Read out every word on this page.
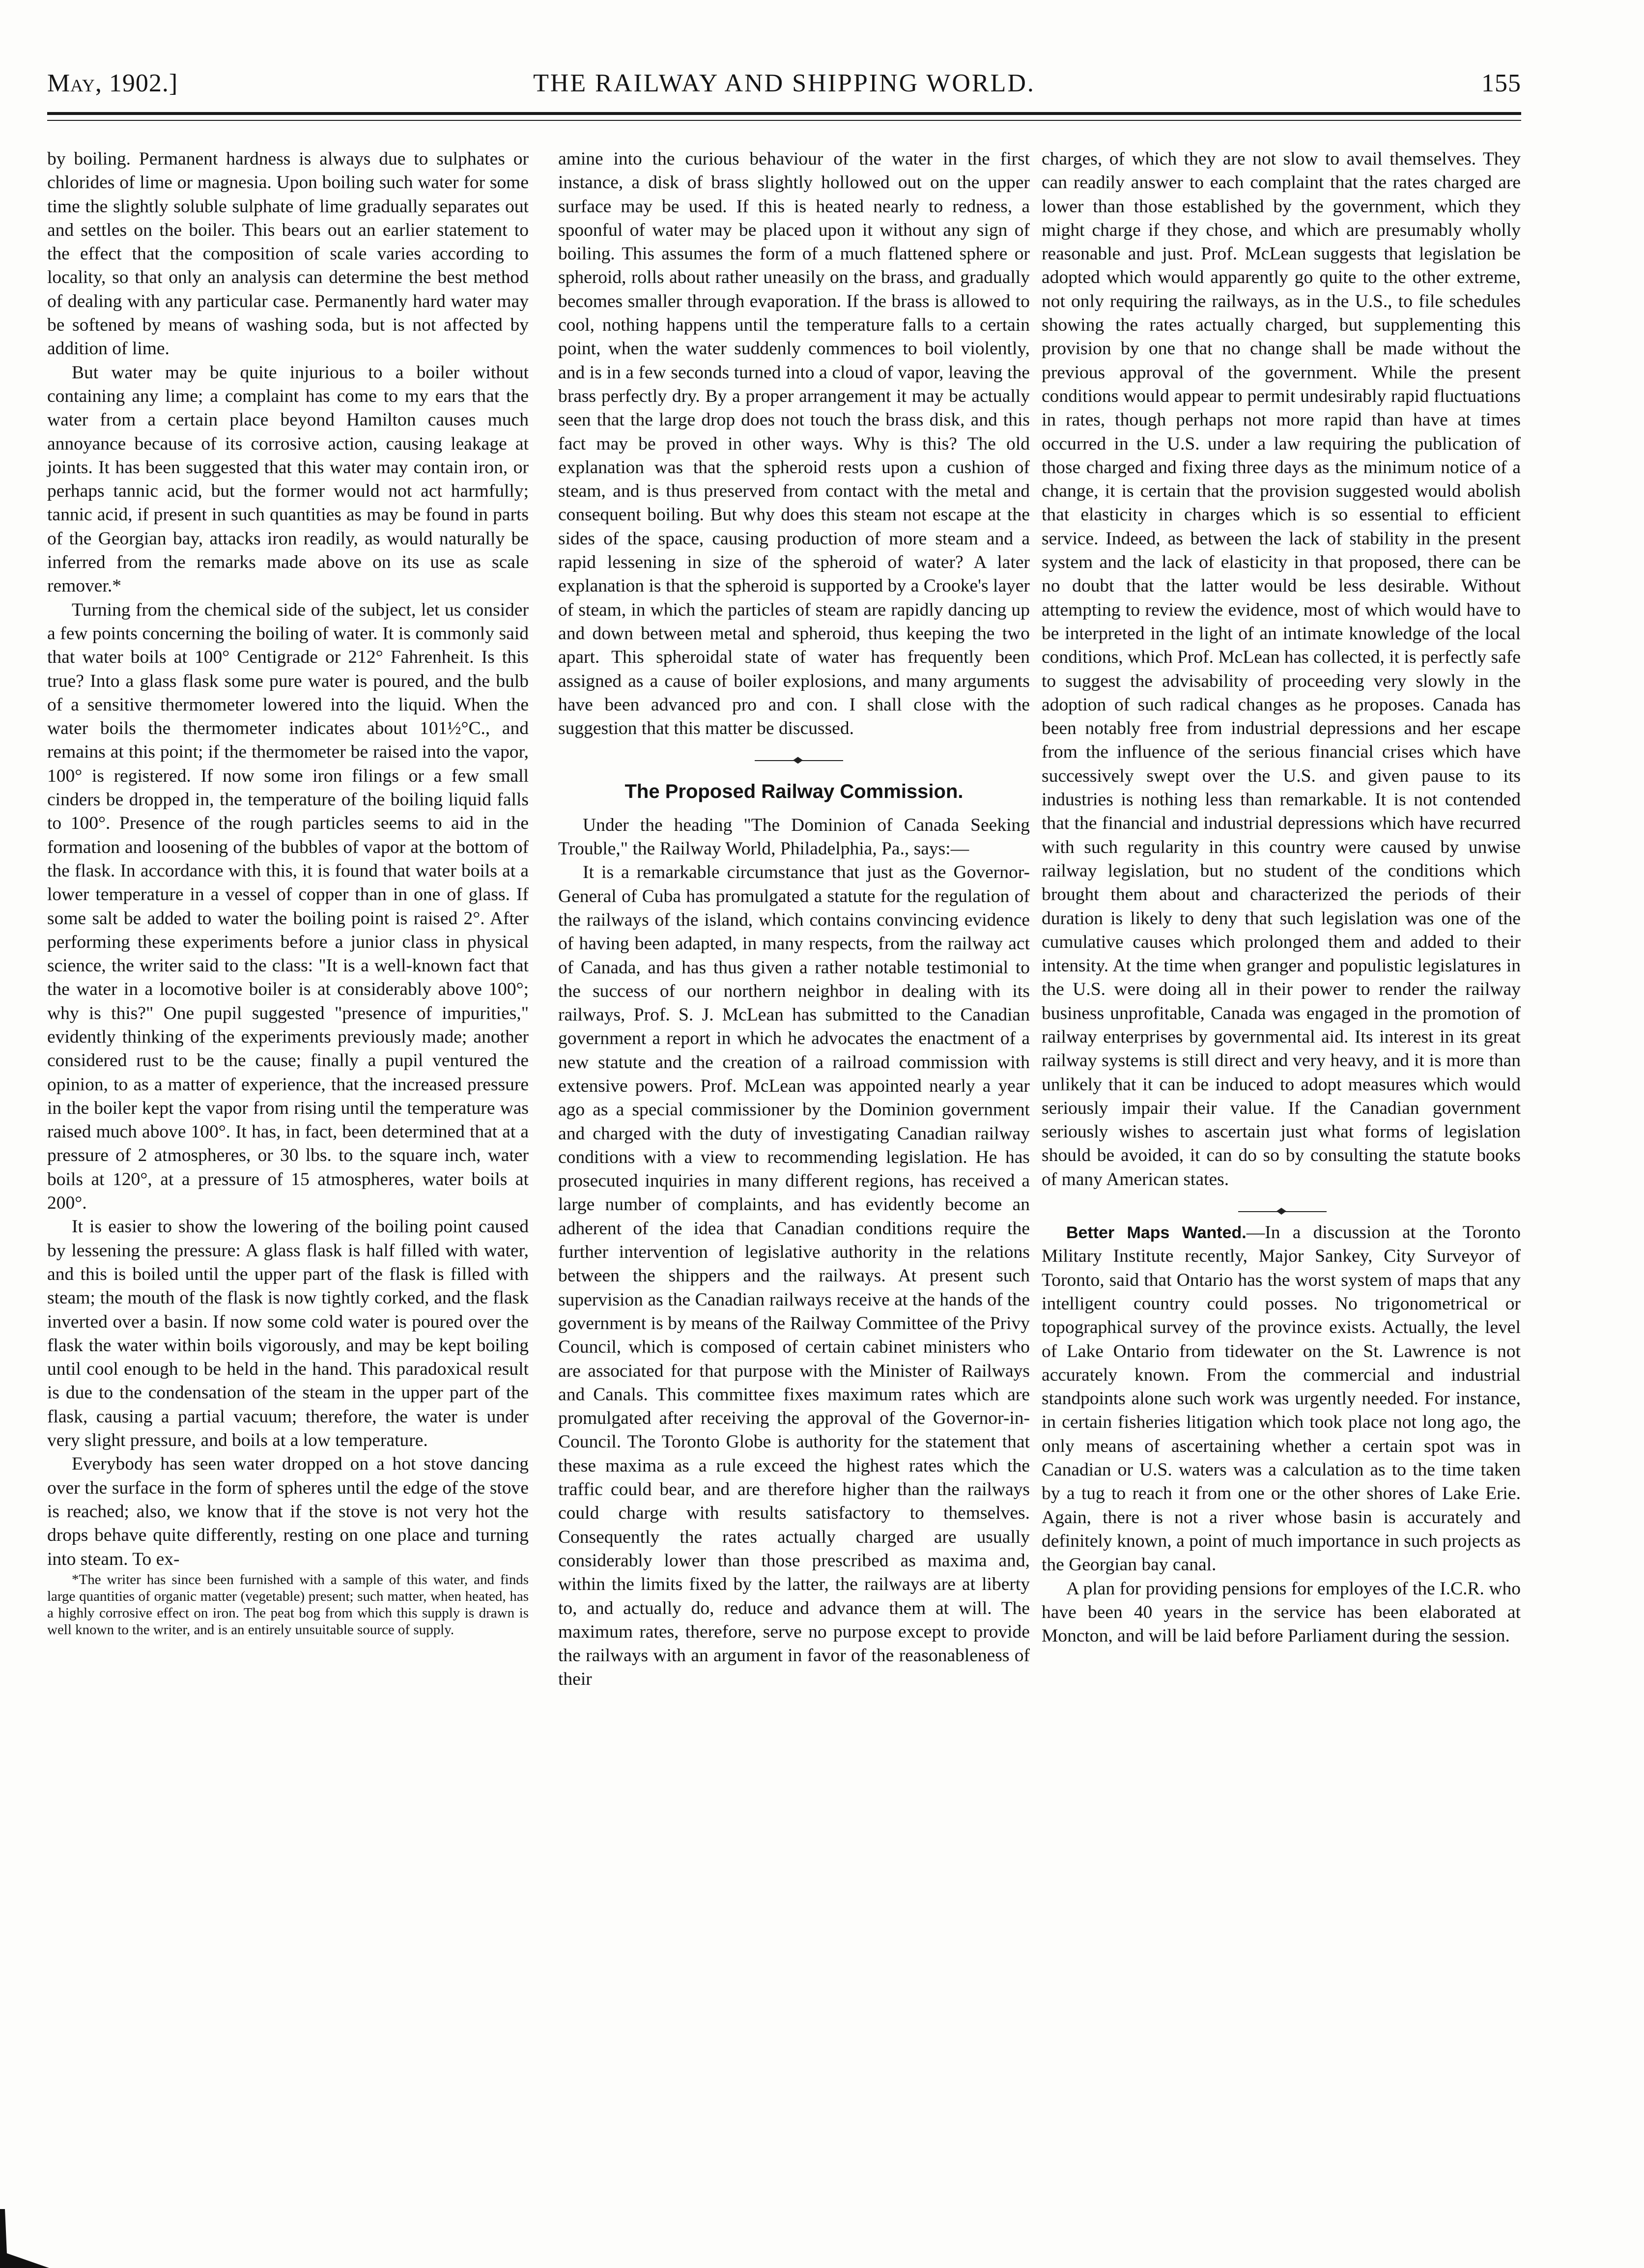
May, 1902.]	THE RAILWAY AND SHIPPING WORLD.	155

by boiling. Permanent hardness is always due to sulphates or chlorides of lime or magnesia. Upon boiling such water for some time the slightly soluble sulphate of lime gradually separates out and settles on the boiler. This bears out an earlier statement to the effect that the composition of scale varies according to locality, so that only an analysis can determine the best method of dealing with any particular case. Permanently hard water may be softened by means of washing soda, but is not affected by addition of lime.

But water may be quite injurious to a boiler without containing any lime; a complaint has come to my ears that the water from a certain place beyond Hamilton causes much annoyance because of its corrosive action, causing leakage at joints. It has been suggested that this water may contain iron, or perhaps tannic acid, but the former would not act harmfully; tannic acid, if present in such quantities as may be found in parts of the Georgian bay, attacks iron readily, as would naturally be inferred from the remarks made above on its use as scale remover.*

Turning from the chemical side of the subject, let us consider a few points concerning the boiling of water. It is commonly said that water boils at 100° Centigrade or 212° Fahrenheit. Is this true? Into a glass flask some pure water is poured, and the bulb of a sensitive thermometer lowered into the liquid. When the water boils the thermometer indicates about 101½°C., and remains at this point; if the thermometer be raised into the vapor, 100° is registered. If now some iron filings or a few small cinders be dropped in, the temperature of the boiling liquid falls to 100°. Presence of the rough particles seems to aid in the formation and loosening of the bubbles of vapor at the bottom of the flask. In accordance with this, it is found that water boils at a lower temperature in a vessel of copper than in one of glass. If some salt be added to water the boiling point is raised 2°. After performing these experiments before a junior class in physical science, the writer said to the class: "It is a well-known fact that the water in a locomotive boiler is at considerably above 100°; why is this?" One pupil suggested "presence of impurities," evidently thinking of the experiments previously made; another considered rust to be the cause; finally a pupil ventured the opinion, to as a matter of experience, that the increased pressure in the boiler kept the vapor from rising until the temperature was raised much above 100°. It has, in fact, been determined that at a pressure of 2 atmospheres, or 30 lbs. to the square inch, water boils at 120°, at a pressure of 15 atmospheres, water boils at 200°.

It is easier to show the lowering of the boiling point caused by lessening the pressure: A glass flask is half filled with water, and this is boiled until the upper part of the flask is filled with steam; the mouth of the flask is now tightly corked, and the flask inverted over a basin. If now some cold water is poured over the flask the water within boils vigorously, and may be kept boiling until cool enough to be held in the hand. This paradoxical result is due to the condensation of the steam in the upper part of the flask, causing a partial vacuum; therefore, the water is under very slight pressure, and boils at a low temperature.

Everybody has seen water dropped on a hot stove dancing over the surface in the form of spheres until the edge of the stove is reached; also, we know that if the stove is not very hot the drops behave quite differently, resting on one place and turning into steam. To ex-

*The writer has since been furnished with a sample of this water, and finds large quantities of organic matter (vegetable) present; such matter, when heated, has a highly corrosive effect on iron. The peat bog from which this supply is drawn is well known to the writer, and is an entirely unsuitable source of supply.

amine into the curious behaviour of the water in the first instance, a disk of brass slightly hollowed out on the upper surface may be used. If this is heated nearly to redness, a spoonful of water may be placed upon it without any sign of boiling. This assumes the form of a much flattened sphere or spheroid, rolls about rather uneasily on the brass, and gradually becomes smaller through evaporation. If the brass is allowed to cool, nothing happens until the temperature falls to a certain point, when the water suddenly commences to boil violently, and is in a few seconds turned into a cloud of vapor, leaving the brass perfectly dry. By a proper arrangement it may be actually seen that the large drop does not touch the brass disk, and this fact may be proved in other ways. Why is this? The old explanation was that the spheroid rests upon a cushion of steam, and is thus preserved from contact with the metal and consequent boiling. But why does this steam not escape at the sides of the space, causing production of more steam and a rapid lessening in size of the spheroid of water? A later explanation is that the spheroid is supported by a Crooke's layer of steam, in which the particles of steam are rapidly dancing up and down between metal and spheroid, thus keeping the two apart. This spheroidal state of water has frequently been assigned as a cause of boiler explosions, and many arguments have been advanced pro and con. I shall close with the suggestion that this matter be discussed.

The Proposed Railway Commission.

Under the heading "The Dominion of Canada Seeking Trouble," the Railway World, Philadelphia, Pa., says:—

It is a remarkable circumstance that just as the Governor-General of Cuba has promulgated a statute for the regulation of the railways of the island, which contains convincing evidence of having been adapted, in many respects, from the railway act of Canada, and has thus given a rather notable testimonial to the success of our northern neighbor in dealing with its railways, Prof. S. J. McLean has submitted to the Canadian government a report in which he advocates the enactment of a new statute and the creation of a railroad commission with extensive powers. Prof. McLean was appointed nearly a year ago as a special commissioner by the Dominion government and charged with the duty of investigating Canadian railway conditions with a view to recommending legislation. He has prosecuted inquiries in many different regions, has received a large number of complaints, and has evidently become an adherent of the idea that Canadian conditions require the further intervention of legislative authority in the relations between the shippers and the railways. At present such supervision as the Canadian railways receive at the hands of the government is by means of the Railway Committee of the Privy Council, which is composed of certain cabinet ministers who are associated for that purpose with the Minister of Railways and Canals. This committee fixes maximum rates which are promulgated after receiving the approval of the Governor-in-Council. The Toronto Globe is authority for the statement that these maxima as a rule exceed the highest rates which the traffic could bear, and are therefore higher than the railways could charge with results satisfactory to themselves. Consequently the rates actually charged are usually considerably lower than those prescribed as maxima and, within the limits fixed by the latter, the railways are at liberty to, and actually do, reduce and advance them at will. The maximum rates, therefore, serve no purpose except to provide the railways with an argument in favor of the reasonableness of their

charges, of which they are not slow to avail themselves. They can readily answer to each complaint that the rates charged are lower than those established by the government, which they might charge if they chose, and which are presumably wholly reasonable and just. Prof. McLean suggests that legislation be adopted which would apparently go quite to the other extreme, not only requiring the railways, as in the U.S., to file schedules showing the rates actually charged, but supplementing this provision by one that no change shall be made without the previous approval of the government. While the present conditions would appear to permit undesirably rapid fluctuations in rates, though perhaps not more rapid than have at times occurred in the U.S. under a law requiring the publication of those charged and fixing three days as the minimum notice of a change, it is certain that the provision suggested would abolish that elasticity in charges which is so essential to efficient service. Indeed, as between the lack of stability in the present system and the lack of elasticity in that proposed, there can be no doubt that the latter would be less desirable. Without attempting to review the evidence, most of which would have to be interpreted in the light of an intimate knowledge of the local conditions, which Prof. McLean has collected, it is perfectly safe to suggest the advisability of proceeding very slowly in the adoption of such radical changes as he proposes. Canada has been notably free from industrial depressions and her escape from the influence of the serious financial crises which have successively swept over the U.S. and given pause to its industries is nothing less than remarkable. It is not contended that the financial and industrial depressions which have recurred with such regularity in this country were caused by unwise railway legislation, but no student of the conditions which brought them about and characterized the periods of their duration is likely to deny that such legislation was one of the cumulative causes which prolonged them and added to their intensity. At the time when granger and populistic legislatures in the U.S. were doing all in their power to render the railway business unprofitable, Canada was engaged in the promotion of railway enterprises by governmental aid. Its interest in its great railway systems is still direct and very heavy, and it is more than unlikely that it can be induced to adopt measures which would seriously impair their value. If the Canadian government seriously wishes to ascertain just what forms of legislation should be avoided, it can do so by consulting the statute books of many American states.

Better Maps Wanted.—In a discussion at the Toronto Military Institute recently, Major Sankey, City Surveyor of Toronto, said that Ontario has the worst system of maps that any intelligent country could posses. No trigonometrical or topographical survey of the province exists. Actually, the level of Lake Ontario from tidewater on the St. Lawrence is not accurately known. From the commercial and industrial standpoints alone such work was urgently needed. For instance, in certain fisheries litigation which took place not long ago, the only means of ascertaining whether a certain spot was in Canadian or U.S. waters was a calculation as to the time taken by a tug to reach it from one or the other shores of Lake Erie. Again, there is not a river whose basin is accurately and definitely known, a point of much importance in such projects as the Georgian bay canal.

A plan for providing pensions for employes of the I.C.R. who have been 40 years in the service has been elaborated at Moncton, and will be laid before Parliament during the session.
